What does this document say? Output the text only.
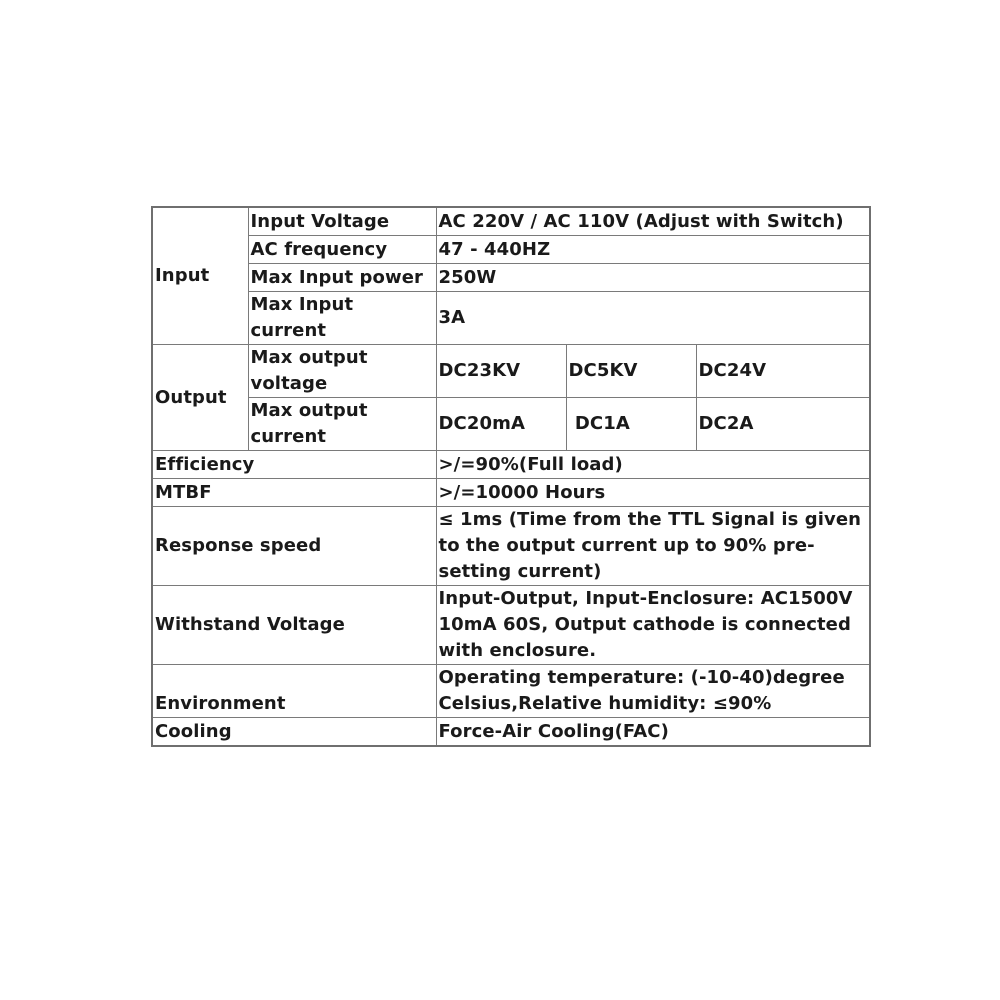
Input	Input Voltage	AC 220V / AC 110V (Adjust with Switch)		
	AC frequency	47 - 440HZ		
	Max Input power	250W		
	Max Input current	3A		
Output	Max output voltage	DC23KV	DC5KV	DC24V
	Max output current	DC20mA	DC1A	DC2A
Efficiency		>/=90%(Full load)		
MTBF		>/=10000 Hours		
Response speed		≤ 1ms (Time from the TTL Signal is given to the output current up to 90% pre-setting current)		
Withstand Voltage		Input-Output, Input-Enclosure: AC1500V 10mA 60S, Output cathode is connected with enclosure.		
Environment		Operating temperature: (-10-40)degree Celsius,Relative humidity: ≤90%		
Cooling		Force-Air Cooling(FAC)		
